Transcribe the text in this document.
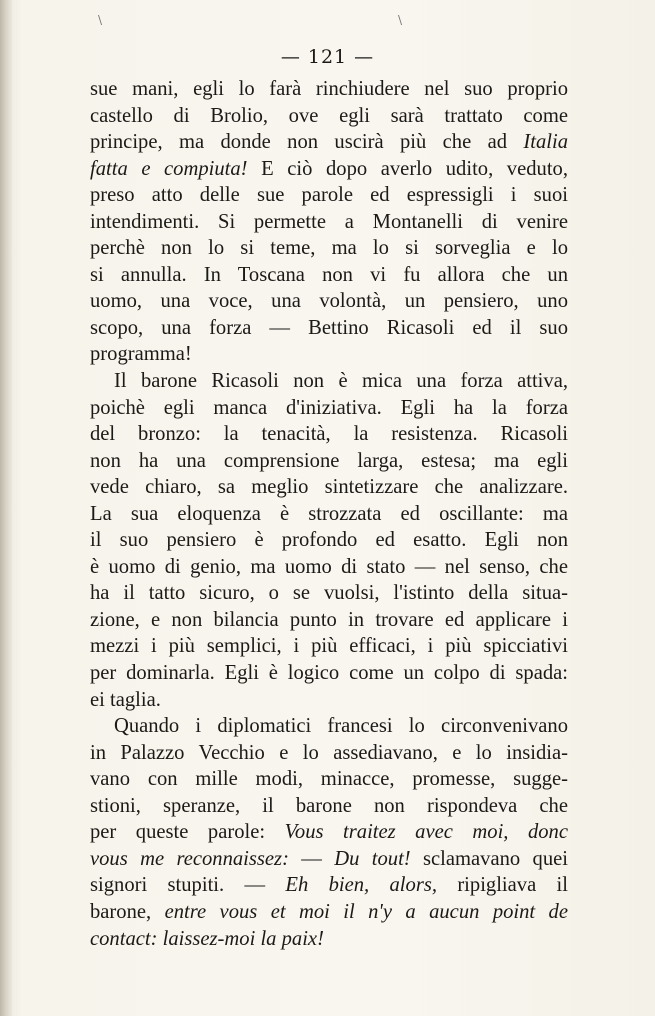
\	\
— 121 —
sue mani, egli lo farà rinchiudere nel suo proprio
castello di Brolio, ove egli sarà trattato come
principe, ma donde non uscirà più che ad Italia
fatta e compiuta! E ciò dopo averlo udito, veduto,
preso atto delle sue parole ed espressigli i suoi
intendimenti. Si permette a Montanelli di venire
perchè non lo si teme, ma lo si sorveglia e lo
si annulla. In Toscana non vi fu allora che un
uomo, una voce, una volontà, un pensiero, uno
scopo, una forza — Bettino Ricasoli ed il suo
programma!
Il barone Ricasoli non è mica una forza attiva,
poichè egli manca d'iniziativa. Egli ha la forza
del bronzo: la tenacità, la resistenza. Ricasoli
non ha una comprensione larga, estesa; ma egli
vede chiaro, sa meglio sintetizzare che analizzare.
La sua eloquenza è strozzata ed oscillante: ma
il suo pensiero è profondo ed esatto. Egli non
è uomo di genio, ma uomo di stato — nel senso, che
ha il tatto sicuro, o se vuolsi, l'istinto della situa-
zione, e non bilancia punto in trovare ed applicare i
mezzi i più semplici, i più efficaci, i più spicciativi
per dominarla. Egli è logico come un colpo di spada:
ei taglia.
Quando i diplomatici francesi lo circonvenivano
in Palazzo Vecchio e lo assediavano, e lo insidia-
vano con mille modi, minacce, promesse, sugge-
stioni, speranze, il barone non rispondeva che
per queste parole: Vous traitez avec moi, donc
vous me reconnaissez: — Du tout! sclamavano quei
signori stupiti. — Eh bien, alors, ripigliava il
barone, entre vous et moi il n'y a aucun point de
contact: laissez-moi la paix!
